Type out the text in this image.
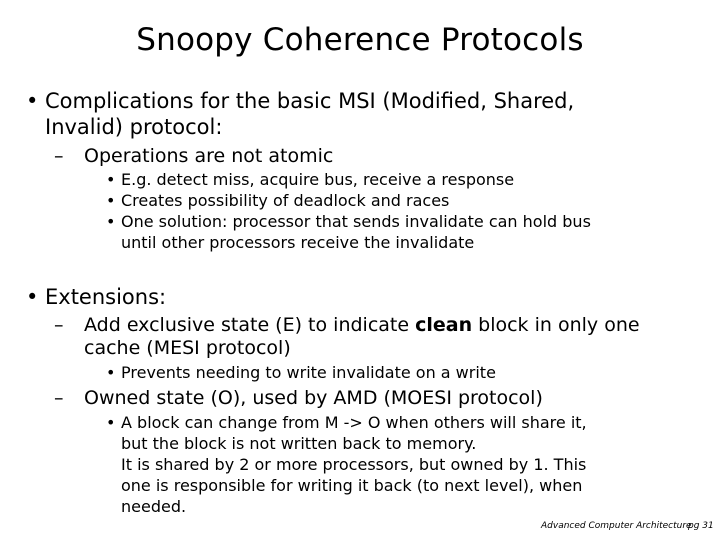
Snoopy Coherence Protocols
• Complications for the basic MSI (Modified, Shared,
Invalid) protocol:
– Operations are not atomic
• E.g. detect miss, acquire bus, receive a response
• Creates possibility of deadlock and races
• One solution: processor that sends invalidate can hold bus
until other processors receive the invalidate
• Extensions:
– Add exclusive state (E) to indicate clean block in only one
cache (MESI protocol)
• Prevents needing to write invalidate on a write
– Owned state (O), used by AMD (MOESI protocol)
• A block can change from M -> O when others will share it,
but the block is not written back to memory.
It is shared by 2 or more processors, but owned by 1. This
one is responsible for writing it back (to next level), when
needed.
Advanced Computer Architecture
pg 31
